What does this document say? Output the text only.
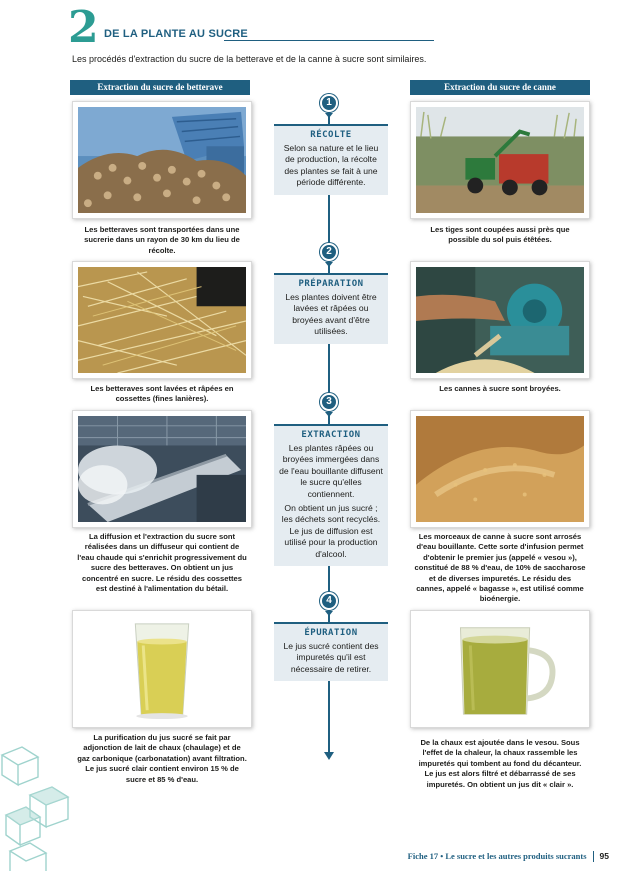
2 DE LA PLANTE AU SUCRE
Les procédés d'extraction du sucre de la betterave et de la canne à sucre sont similaires.
Extraction du sucre de betterave	Extraction du sucre de canne
1
RÉCOLTE
Selon sa nature et le lieu de production, la récolte des plantes se fait à une période différente.
2
PRÉPARATION
Les plantes doivent être lavées et râpées ou broyées avant d'être utilisées.
3
EXTRACTION
Les plantes râpées ou broyées immergées dans de l'eau bouillante diffusent le sucre qu'elles contiennent.
On obtient un jus sucré ; les déchets sont recyclés. Le jus de diffusion est utilisé pour la production d'alcool.
4
ÉPURATION
Le jus sucré contient des impuretés qu'il est nécessaire de retirer.
Les betteraves sont transportées dans une sucrerie dans un rayon de 30 km du lieu de récolte.
Les betteraves sont lavées et râpées en cossettes (fines lanières).
La diffusion et l'extraction du sucre sont réalisées dans un diffuseur qui contient de l'eau chaude qui s'enrichit progressivement du sucre des betteraves. On obtient un jus concentré en sucre. Le résidu des cossettes est destiné à l'alimentation du bétail.
La purification du jus sucré se fait par adjonction de lait de chaux (chaulage) et de gaz carbonique (carbonatation) avant filtration. Le jus sucré clair contient environ 15 % de sucre et 85 % d'eau.
Les tiges sont coupées aussi près que possible du sol puis étêtées.
Les cannes à sucre sont broyées.
Les morceaux de canne à sucre sont arrosés d'eau bouillante. Cette sorte d'infusion permet d'obtenir le premier jus (appelé « vesou »), constitué de 88 % d'eau, de 10% de saccharose et de diverses impuretés. Le résidu des cannes, appelé « bagasse », est utilisé comme bioénergie.
De la chaux est ajoutée dans le vesou. Sous l'effet de la chaleur, la chaux rassemble les impuretés qui tombent au fond du décanteur. Le jus est alors filtré et débarrassé de ses impuretés. On obtient un jus dit « clair ».
Fiche 17 • Le sucre et les autres produits sucrants 95
